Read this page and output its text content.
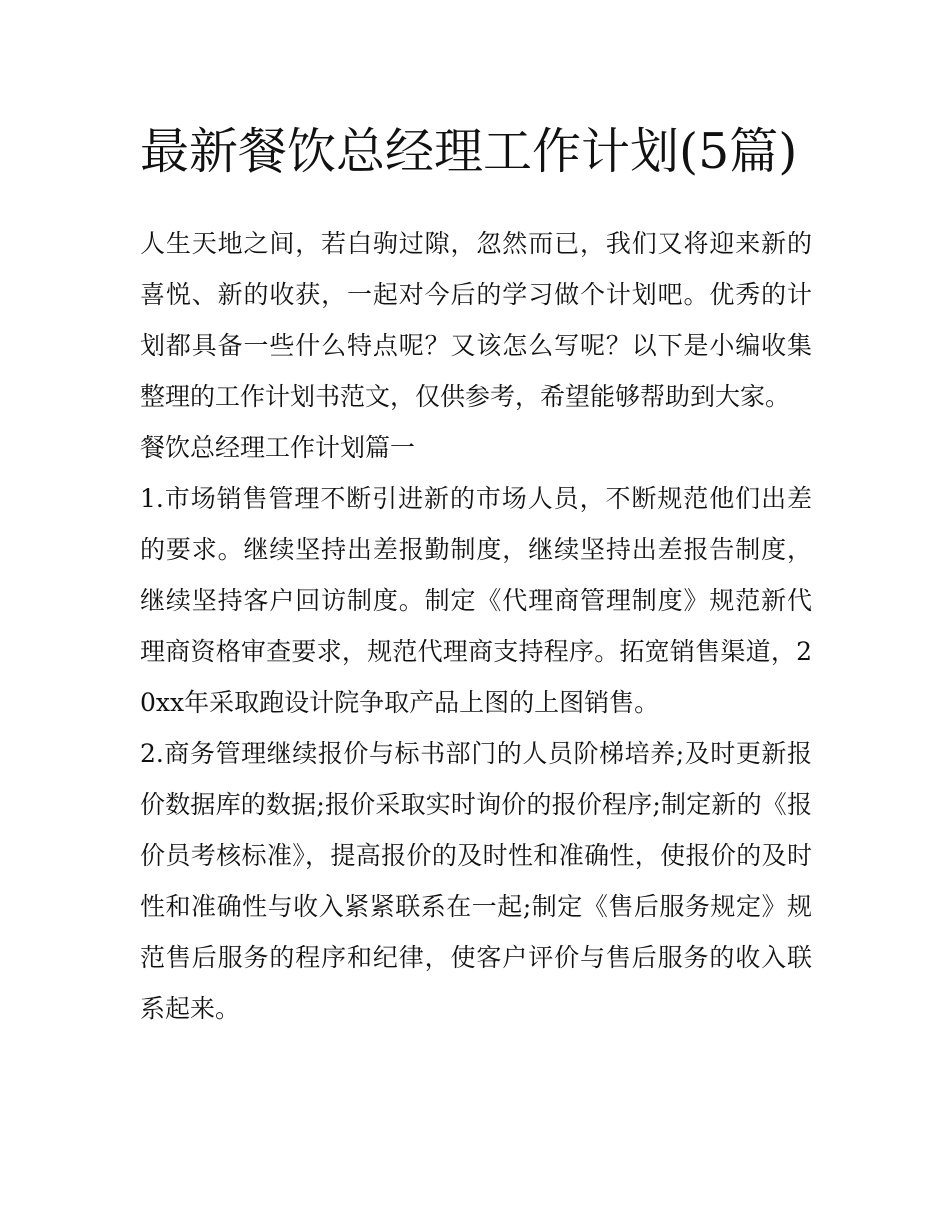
最新餐饮总经理工作计划(5篇)

人生天地之间，若白驹过隙，忽然而已，我们又将迎来新的喜悦、新的收获，一起对今后的学习做个计划吧。优秀的计划都具备一些什么特点呢？又该怎么写呢？以下是小编收集整理的工作计划书范文，仅供参考，希望能够帮助到大家。

餐饮总经理工作计划篇一

1.市场销售管理不断引进新的市场人员，不断规范他们出差的要求。继续坚持出差报勤制度，继续坚持出差报告制度，继续坚持客户回访制度。制定《代理商管理制度》规范新代理商资格审查要求，规范代理商支持程序。拓宽销售渠道，20xx年采取跑设计院争取产品上图的上图销售。

2.商务管理继续报价与标书部门的人员阶梯培养;及时更新报价数据库的数据;报价采取实时询价的报价程序;制定新的《报价员考核标准》，提高报价的及时性和准确性，使报价的及时性和准确性与收入紧紧联系在一起;制定《售后服务规定》规范售后服务的程序和纪律，使客户评价与售后服务的收入联系起来。
